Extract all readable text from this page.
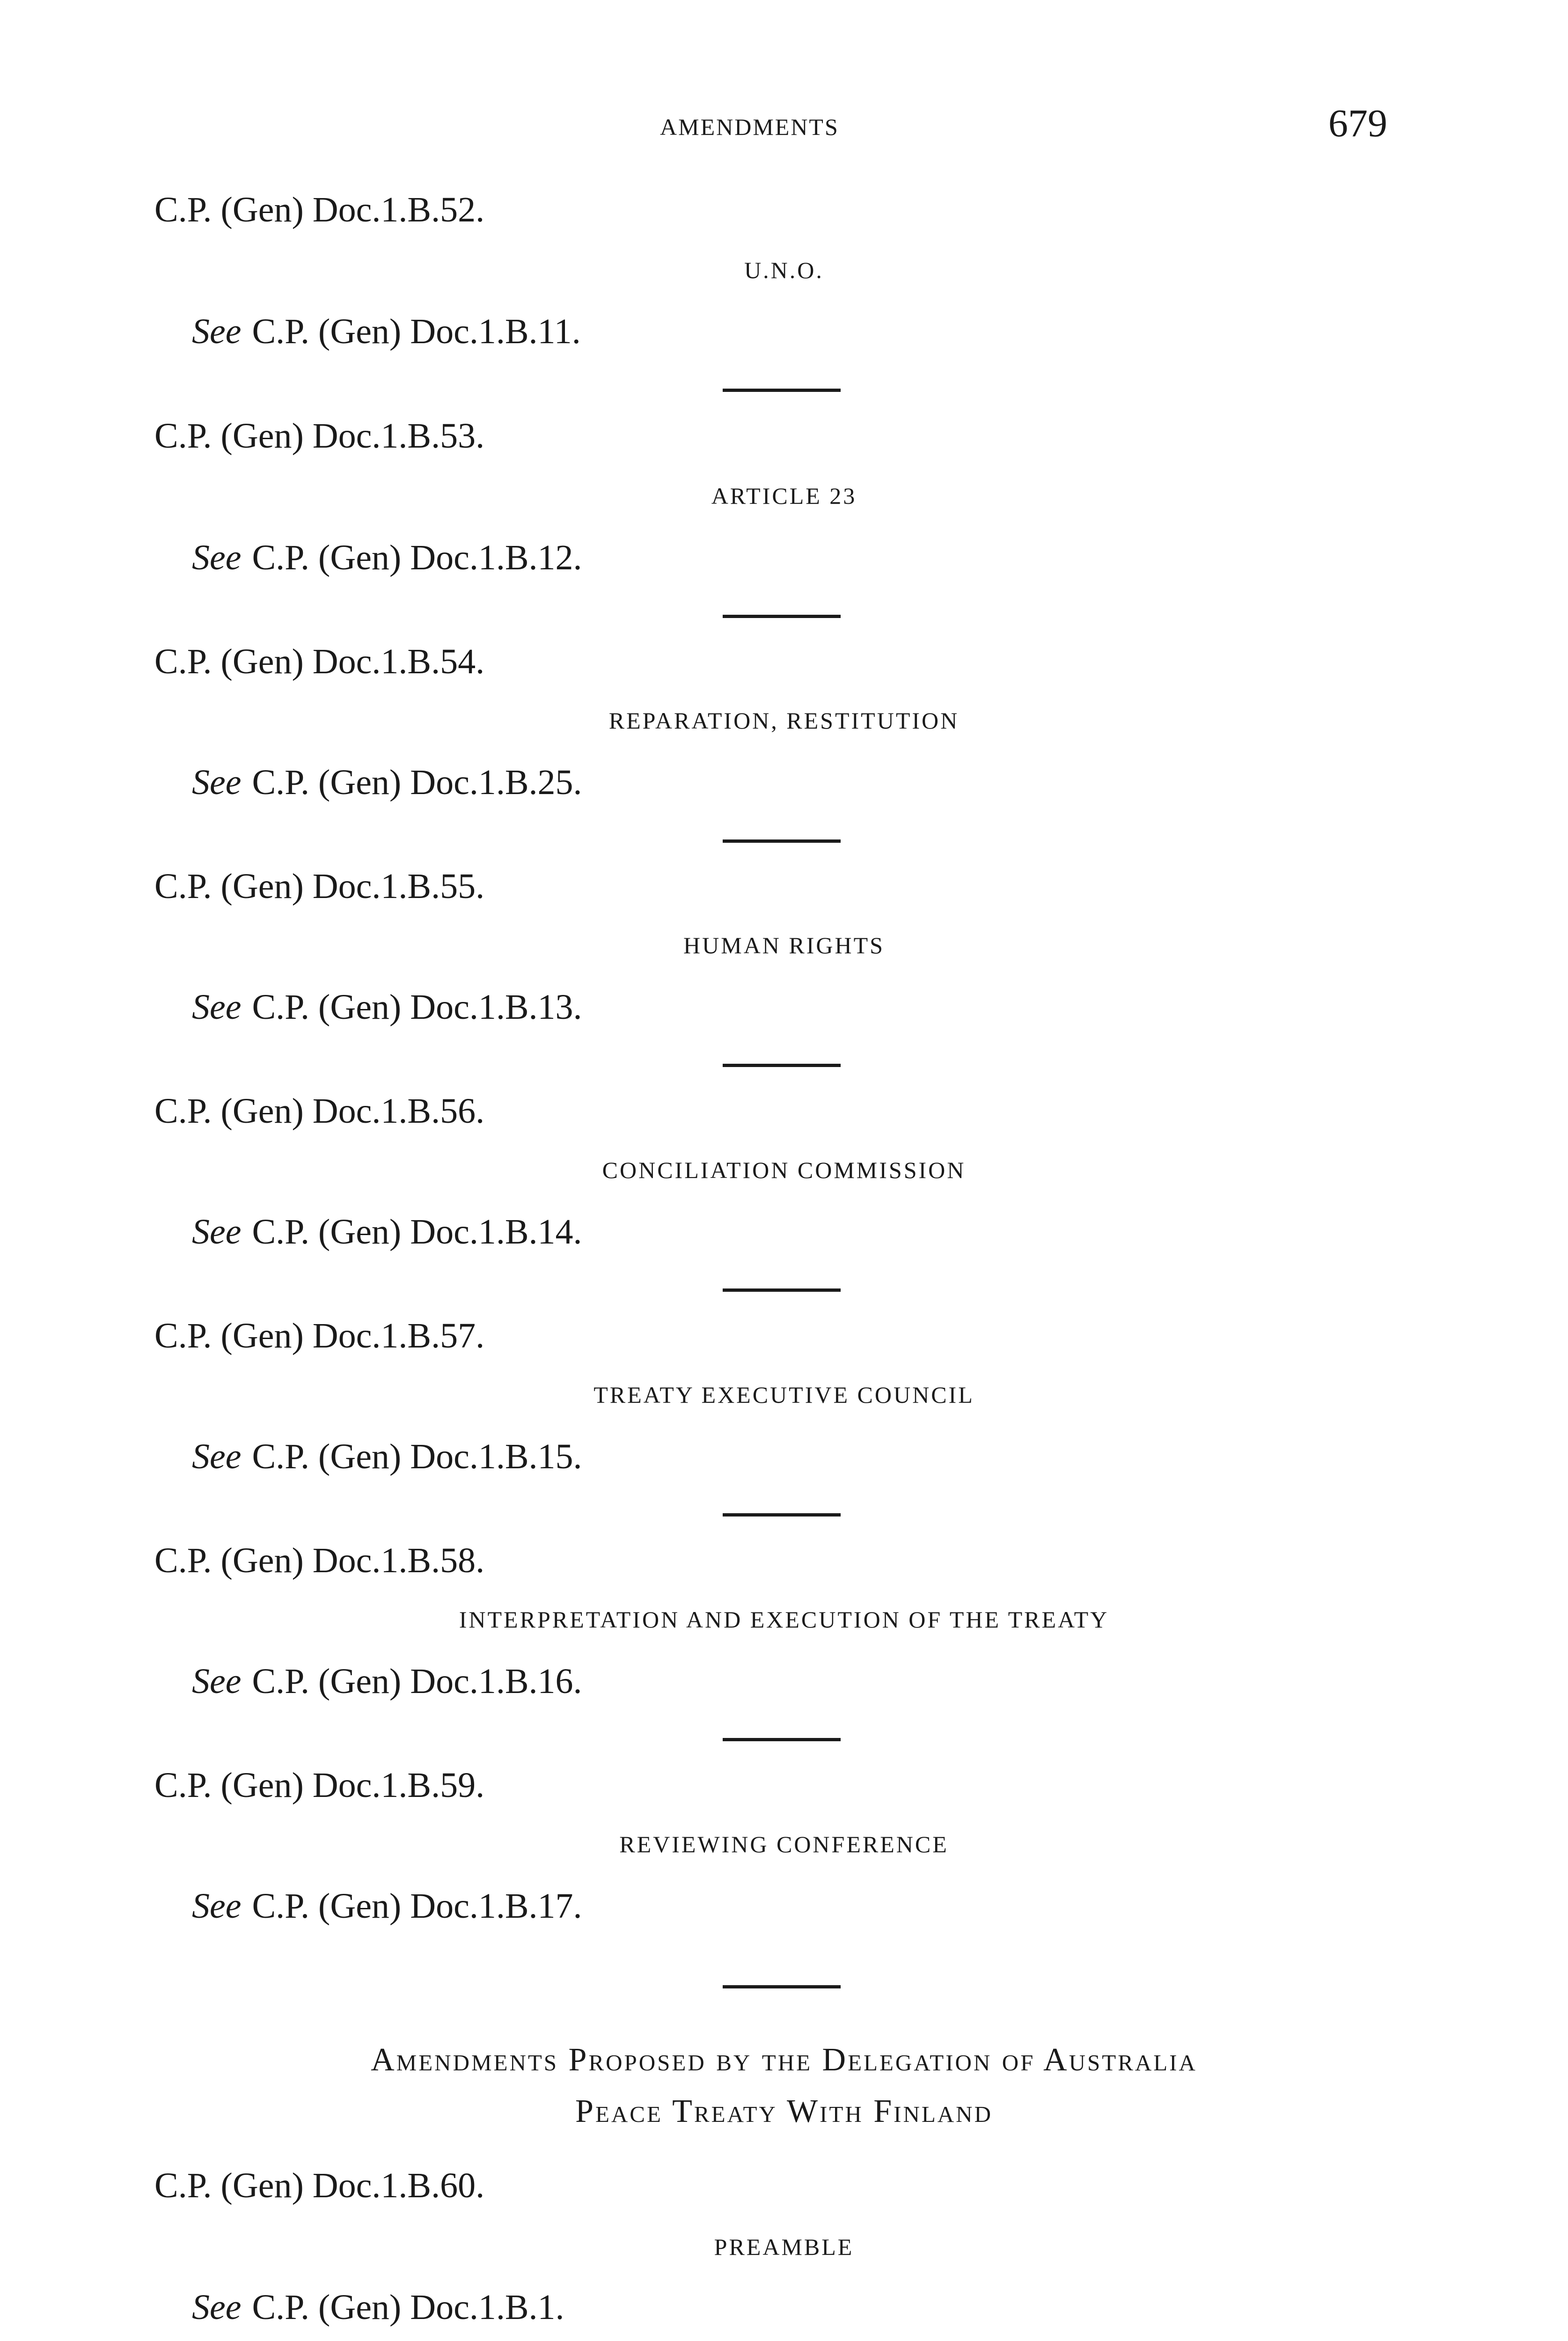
AMENDMENTS	679
C.P. (Gen) Doc.1.B.52.
U.N.O.
See C.P. (Gen) Doc.1.B.11.
C.P. (Gen) Doc.1.B.53.
ARTICLE 23
See C.P. (Gen) Doc.1.B.12.
C.P. (Gen) Doc.1.B.54.
REPARATION, RESTITUTION
See C.P. (Gen) Doc.1.B.25.
C.P. (Gen) Doc.1.B.55.
HUMAN RIGHTS
See C.P. (Gen) Doc.1.B.13.
C.P. (Gen) Doc.1.B.56.
CONCILIATION COMMISSION
See C.P. (Gen) Doc.1.B.14.
C.P. (Gen) Doc.1.B.57.
TREATY EXECUTIVE COUNCIL
See C.P. (Gen) Doc.1.B.15.
C.P. (Gen) Doc.1.B.58.
INTERPRETATION AND EXECUTION OF THE TREATY
See C.P. (Gen) Doc.1.B.16.
C.P. (Gen) Doc.1.B.59.
REVIEWING CONFERENCE
See C.P. (Gen) Doc.1.B.17.
Amendments Proposed by the Delegation of Australia
Peace Treaty With Finland
C.P. (Gen) Doc.1.B.60.
PREAMBLE
See C.P. (Gen) Doc.1.B.1.
